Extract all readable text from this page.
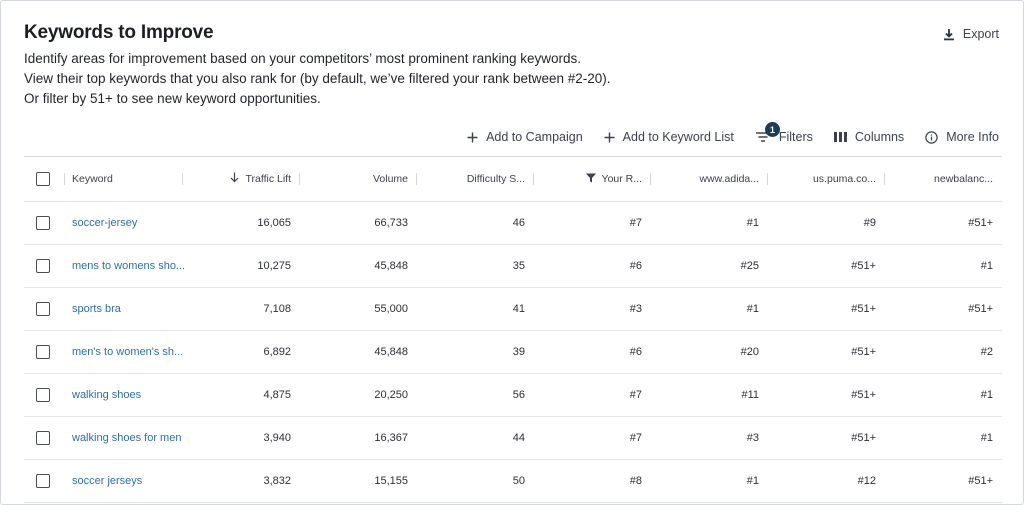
Keywords to Improve
Identify areas for improvement based on your competitors’ most prominent ranking keywords.
View their top keywords that you also rank for (by default, we’ve filtered your rank between #2-20).
Or filter by 51+ to see new keyword opportunities.
Export
Add to Campaign	Add to Keyword List
1
Filters	Columns	More Info
Keyword	Traffic Lift	Volume	Difficulty S...	Your R...	www.adida...	us.puma.co...	newbalanc...
soccer-jersey	16,065	66,733	46	#7	#1	#9	#51+
mens to womens sho...	10,275	45,848	35	#6	#25	#51+	#1
sports bra	7,108	55,000	41	#3	#1	#51+	#51+
men's to women's sh...	6,892	45,848	39	#6	#20	#51+	#2
walking shoes	4,875	20,250	56	#7	#11	#51+	#1
walking shoes for men	3,940	16,367	44	#7	#3	#51+	#1
soccer jerseys	3,832	15,155	50	#8	#1	#12	#51+
